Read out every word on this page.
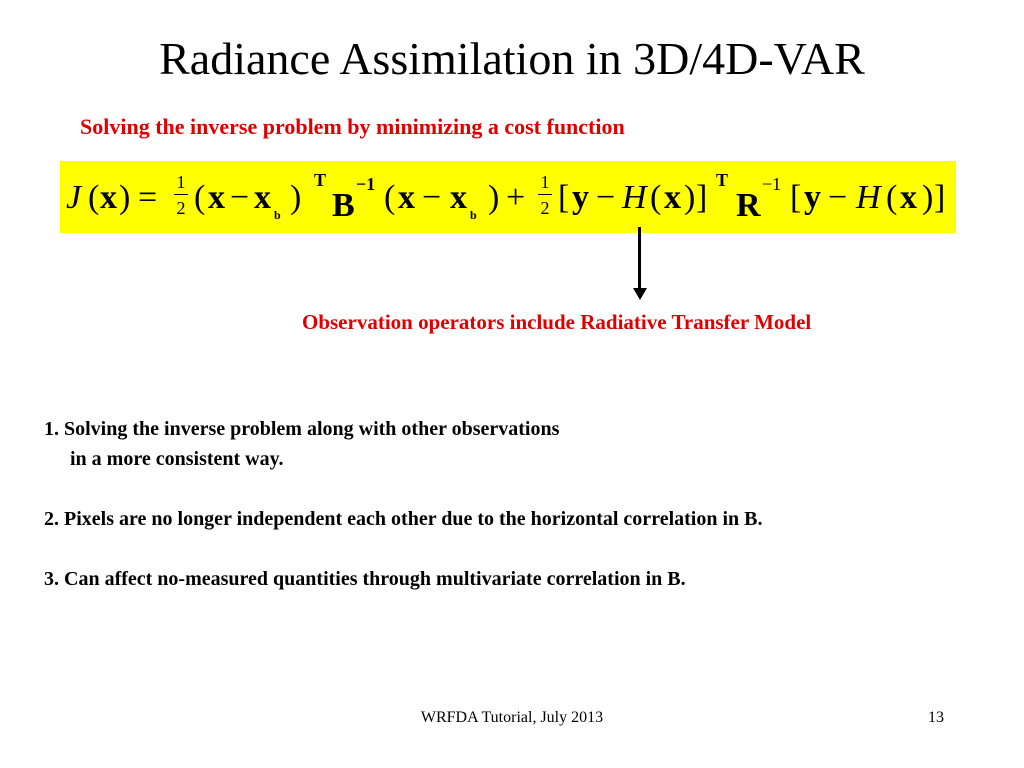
Radiance Assimilation in 3D/4D-VAR
Solving the inverse problem by minimizing a cost function
J ( x ) = 1
2 ( x − x b ) T
B
−1 ( x − x b ) + 1
2 [ y − H ( x ) ] T
R
−1 [ y − H ( x ) ]
Observation operators include Radiative Transfer Model
1. Solving the inverse problem along with other observations
in a more consistent way.
2. Pixels are no longer independent each other due to the horizontal correlation in B.
3. Can affect no-measured quantities through multivariate correlation in B.
WRFDA Tutorial, July 2013	13
